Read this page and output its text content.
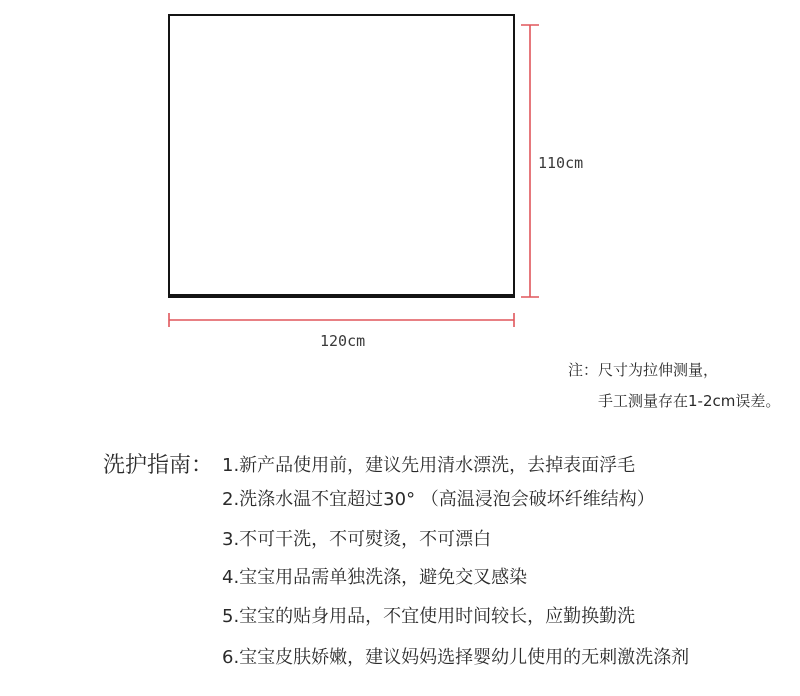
110cm
120cm
注：尺寸为拉伸测量，
手工测量存在1-2cm误差。
洗护指南： 1.新产品使用前，建议先用清水漂洗，去掉表面浮毛
2.洗涤水温不宜超过30° （高温浸泡会破坏纤维结构）
3.不可干洗，不可熨烫，不可漂白
4.宝宝用品需单独洗涤，避免交叉感染
5.宝宝的贴身用品，不宜使用时间较长，应勤换勤洗
6.宝宝皮肤娇嫩，建议妈妈选择婴幼儿使用的无刺激洗涤剂
